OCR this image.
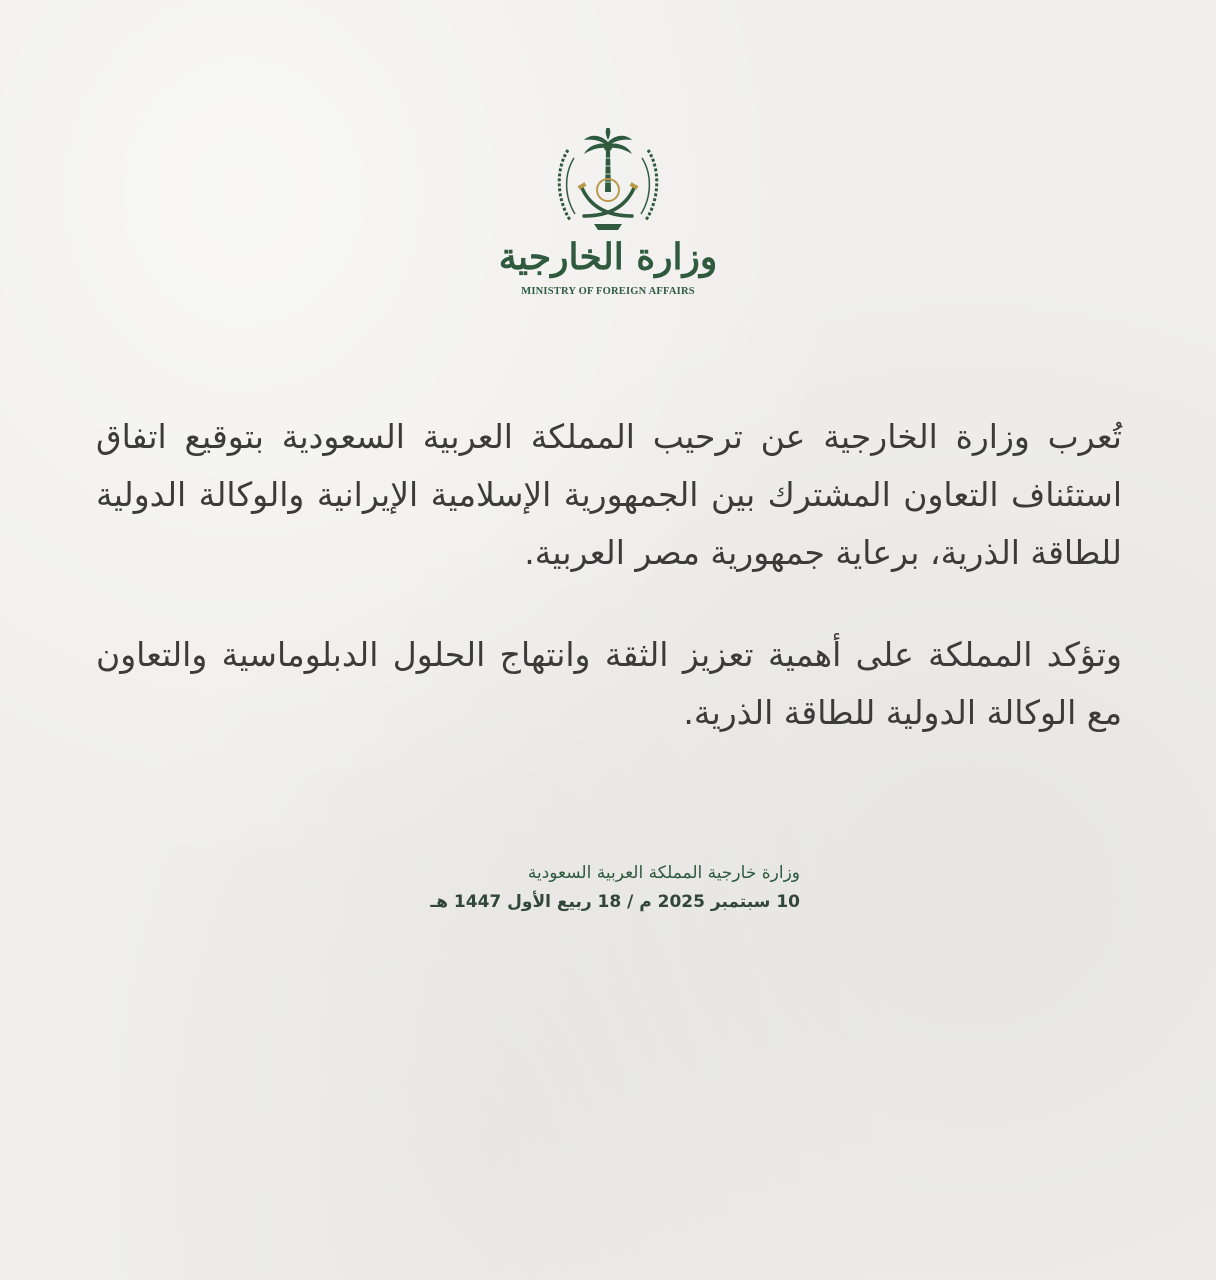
وزارة الخارجية
MINISTRY OF FOREIGN AFFAIRS

تُعرب وزارة الخارجية عن ترحيب المملكة العربية السعودية بتوقيع اتفاق استئناف التعاون المشترك بين الجمهورية الإسلامية الإيرانية والوكالة الدولية للطاقة الذرية، برعاية جمهورية مصر العربية.

وتؤكد المملكة على أهمية تعزيز الثقة وانتهاج الحلول الدبلوماسية والتعاون مع الوكالة الدولية للطاقة الذرية.

وزارة خارجية المملكة العربية السعودية
10 سبتمبر 2025 م / 18 ربيع الأول 1447 هـ
